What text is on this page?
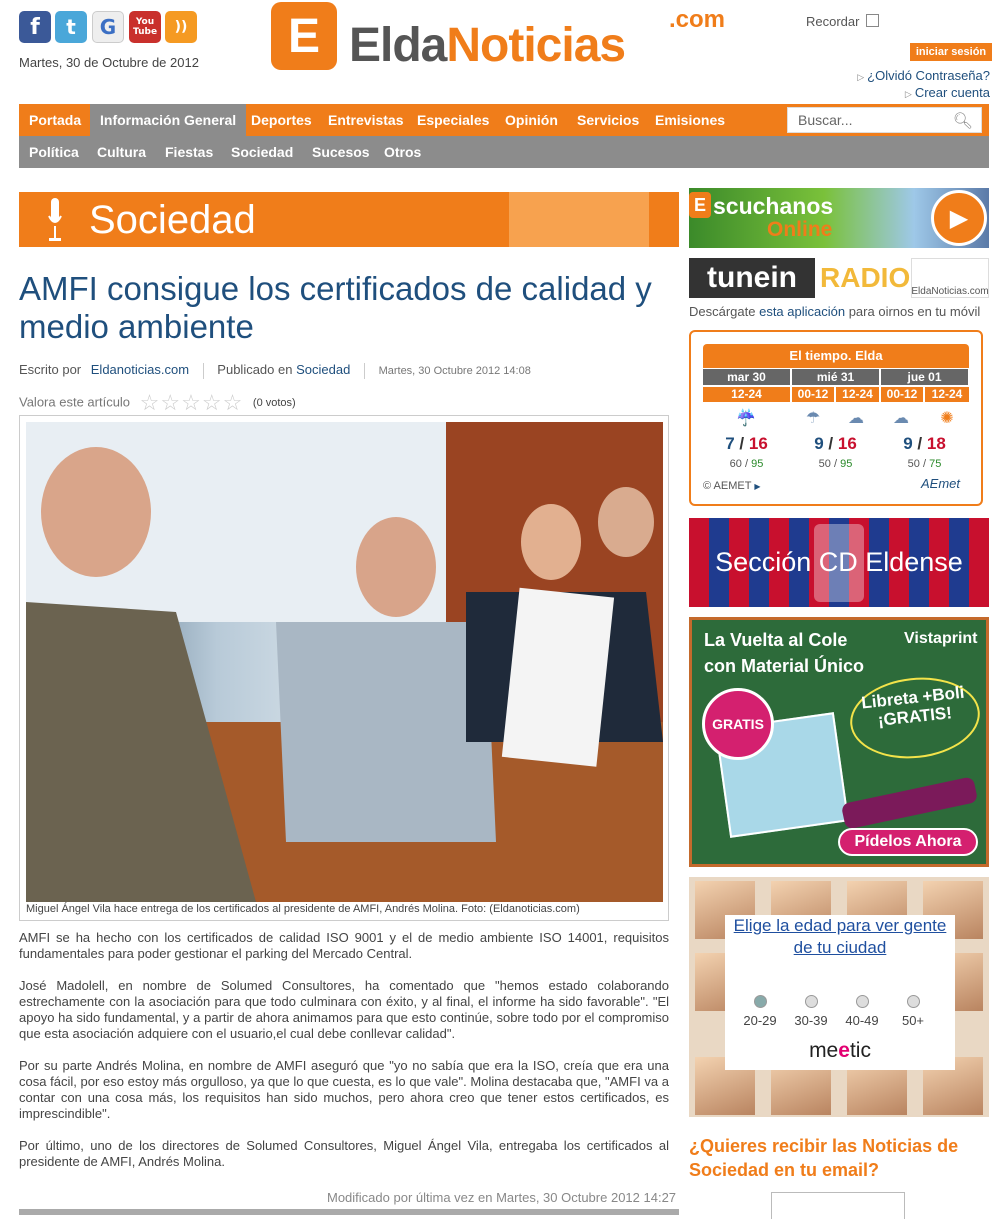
f t G	You Tube ))
Martes, 30 de Octubre de 2012	E EldaNoticias .com	Recordar
iniciar sesión
▷ ¿Olvidó Contraseña?
▷ Crear cuenta
Portada	Información General	Deportes	Entrevistas Especiales	Opinión	Servicios	Emisiones	Buscar...	🔍︎
Política	Cultura	Fiestas	Sociedad	Sucesos	Otros
Sociedad
AMFI consigue los certificados de calidad y medio ambiente
Escrito por Eldanoticias.com Publicado en Sociedad	Martes, 30 Octubre 2012 14:08
Valora este artículo ☆☆☆☆☆ (0 votos)
Miguel Ángel Vila hace entrega de los certificados al presidente de AMFI, Andrés Molina. Foto: (Eldanoticias.com)

AMFI se ha hecho con los certificados de calidad ISO 9001 y el de medio ambiente ISO 14001, requisitos fundamentales para poder gestionar el parking del Mercado Central.

José Madolell, en nombre de Solumed Consultores, ha comentado que "hemos estado colaborando estrechamente con la asociación para que todo culminara con éxito, y al final, el informe ha sido favorable". "El apoyo ha sido fundamental, y a partir de ahora animamos para que esto continúe, sobre todo por el compromiso que esta asociación adquiere con el usuario,el cual debe conllevar calidad".

Por su parte Andrés Molina, en nombre de AMFI aseguró que "yo no sabía que era la ISO, creía que era una cosa fácil, por eso estoy más orgulloso, ya que lo que cuesta, es lo que vale". Molina destacaba que, "AMFI va a contar con una cosa más, los requisitos han sido muchos, pero ahora creo que tener estos certificados, es imprescindible".

Por último, uno de los directores de Solumed Consultores, Miguel Ángel Vila, entregaba los certificados al presidente de AMFI, Andrés Molina.

Modificado por última vez en Martes, 30 Octubre 2012 14:27
E scuchanos
Online	▶
tunein RADIO EldaNoticias.com
Descárgate esta aplicación para oirnos en tu móvil
El tiempo. Elda
mar 30	mié 31	jue 01
12-24	00-12	12-24	00-12	12-24
☔	☂	☁	☁	✺
7 / 16	9 / 16	9 / 18
60 / 95	50 / 95	50 / 75
© AEMET ▶	AEmet
Sección CD Eldense
La Vuelta al Cole
con Material Único
Vistaprint
GRATIS
Libreta +Boli ¡GRATIS!
Pídelos Ahora
Elige la edad para ver gente de tu ciudad
20-29	30-39	40-49	50+
meetic
¿Quieres recibir las Noticias de Sociedad en tu email?
